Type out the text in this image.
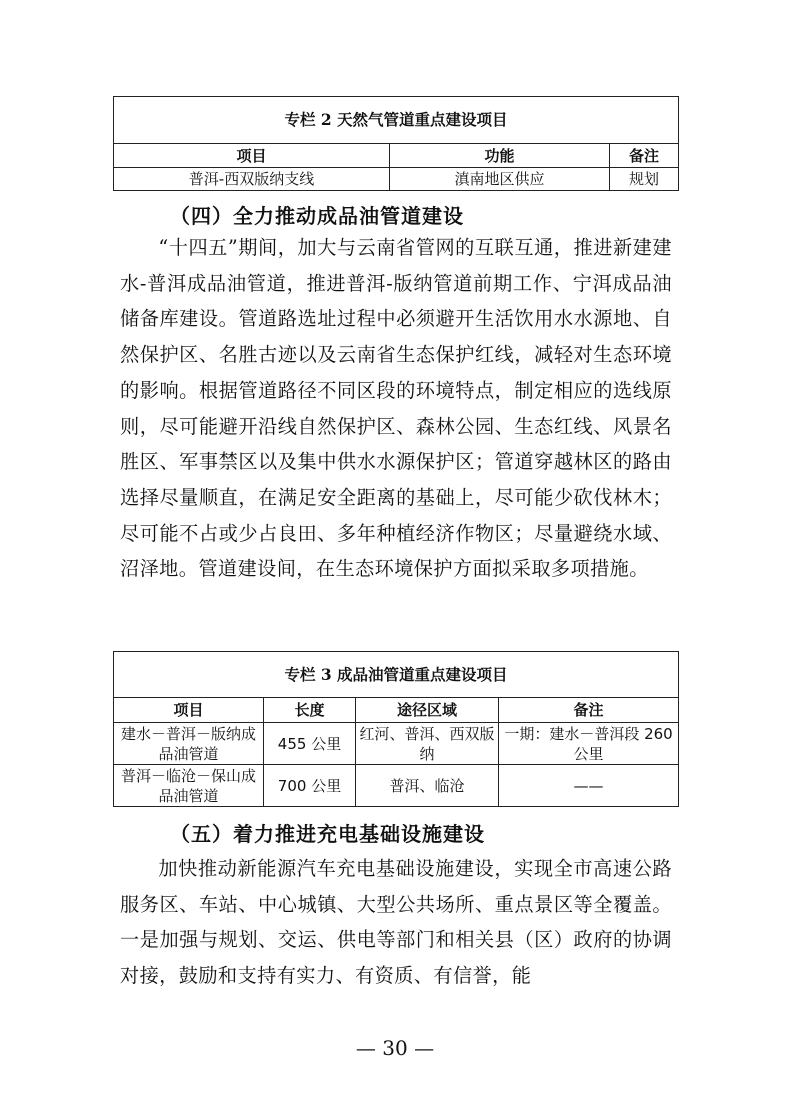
专栏 2 天然气管道重点建设项目		
项目	功能	备注
普洱-西双版纳支线	滇南地区供应	规划
（四）全力推动成品油管道建设

“十四五”期间，加大与云南省管网的互联互通，推进新建建水-普洱成品油管道，推进普洱-版纳管道前期工作、宁洱成品油储备库建设。管道路选址过程中必须避开生活饮用水水源地、自然保护区、名胜古迹以及云南省生态保护红线，减轻对生态环境的影响。根据管道路径不同区段的环境特点，制定相应的选线原则，尽可能避开沿线自然保护区、森林公园、生态红线、风景名胜区、军事禁区以及集中供水水源保护区；管道穿越林区的路由选择尽量顺直，在满足安全距离的基础上，尽可能少砍伐林木；尽可能不占或少占良田、多年种植经济作物区；尽量避绕水域、沼泽地。管道建设间，在生态环境保护方面拟采取多项措施。

专栏 3 成品油管道重点建设项目			
项目	长度	途径区域	备注
建水－普洱－版纳成品油管道	455 公里	红河、普洱、西双版纳	一期：建水－普洱段 260 公里
普洱－临沧－保山成品油管道	700 公里	普洱、临沧	——
（五）着力推进充电基础设施建设

加快推动新能源汽车充电基础设施建设，实现全市高速公路服务区、车站、中心城镇、大型公共场所、重点景区等全覆盖。一是加强与规划、交运、供电等部门和相关县（区）政府的协调对接，鼓励和支持有实力、有资质、有信誉，能

— 30 —
